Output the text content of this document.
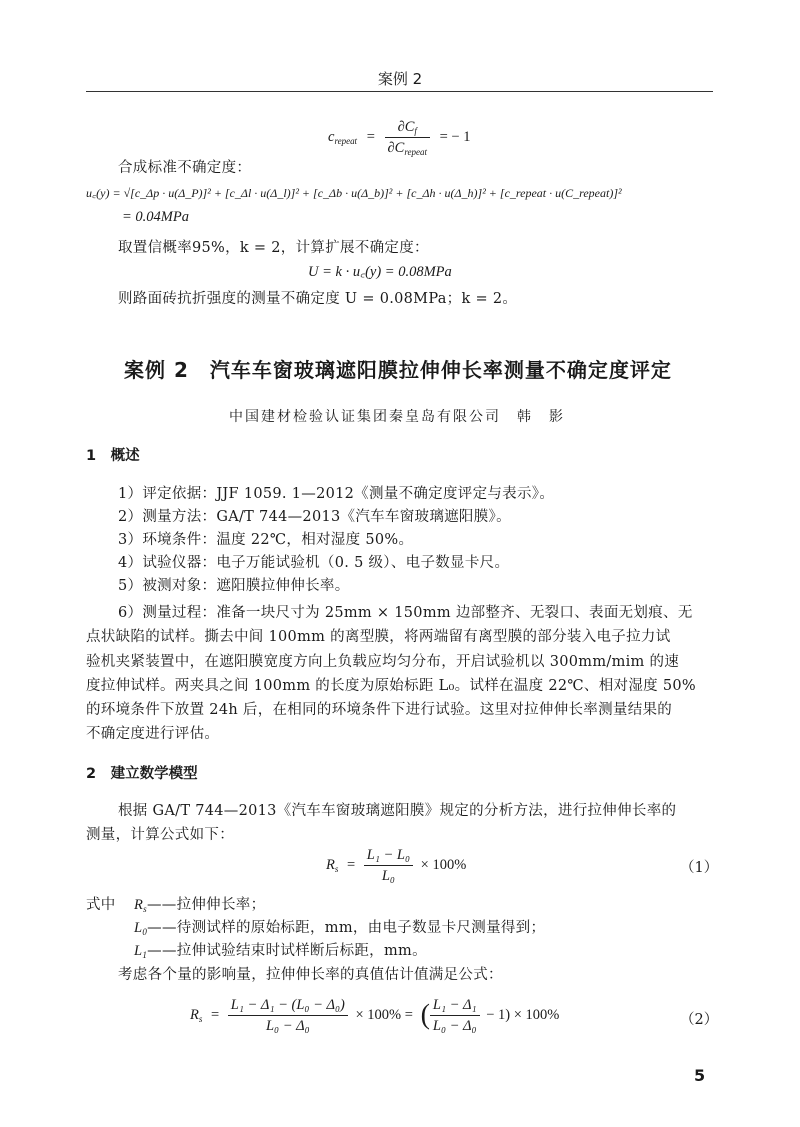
案例 2
$c_{repeat} = \frac{\partial C_f}{\partial C_{repeat}}$ = − 1
合成标准不确定度：
u꜀(y) = √[c_Δp · u(Δ_P)]² + [c_Δl · u(Δ_l)]² + [c_Δb · u(Δ_b)]² + [c_Δh · u(Δ_h)]² + [c_repeat · u(C_repeat)]²
= 0.04MPa
取置信概率95%，k = 2，计算扩展不确定度：
U = k · u꜀(y) = 0.08MPa
则路面砖抗折强度的测量不确定度 U = 0.08MPa；k = 2。
案例 2　汽车车窗玻璃遮阳膜拉伸伸长率测量不确定度评定
中国建材检验认证集团秦皇岛有限公司　韩　影
1　概述
1）评定依据：JJF 1059. 1—2012《测量不确定度评定与表示》。
2）测量方法：GA/T 744—2013《汽车车窗玻璃遮阳膜》。
3）环境条件：温度 22℃，相对湿度 50%。
4）试验仪器：电子万能试验机（0. 5 级）、电子数显卡尺。
5）被测对象：遮阳膜拉伸伸长率。
6）测量过程：准备一块尺寸为 25mm × 150mm 边部整齐、无裂口、表面无划痕、无
点状缺陷的试样。撕去中间 100mm 的离型膜，将两端留有离型膜的部分装入电子拉力试
验机夹紧装置中，在遮阳膜宽度方向上负载应均匀分布，开启试验机以 300mm/mim 的速
度拉伸试样。两夹具之间 100mm 的长度为原始标距 L₀。试样在温度 22℃、相对湿度 50%
的环境条件下放置 24h 后，在相同的环境条件下进行试验。这里对拉伸伸长率测量结果的
不确定度进行评估。
2　建立数学模型
根据 GA/T 744—2013《汽车车窗玻璃遮阳膜》规定的分析方法，进行拉伸伸长率的
测量，计算公式如下：
$R_s = \frac{\text{L₁ − L₀}}{\text{L₀}} \times 100\%$	（1）
式中 $R_s——$拉伸伸长率；
$L_0——$待测试样的原始标距，mm，由电子数显卡尺测量得到；
$L_1——$拉伸试验结束时试样断后标距，mm。
考虑各个量的影响量，拉伸伸长率的真值估计值满足公式：
$R_s = \frac{\text{L₁ − Δ₁ − (L₀ − Δ₀)}}{\text{L₀ − Δ₀}} \times 100\%$ = ( $\frac{\text{L₁ − Δ₁}}{\text{L₀ − Δ₀}} - 1) \times 100\%$	（2）
5
